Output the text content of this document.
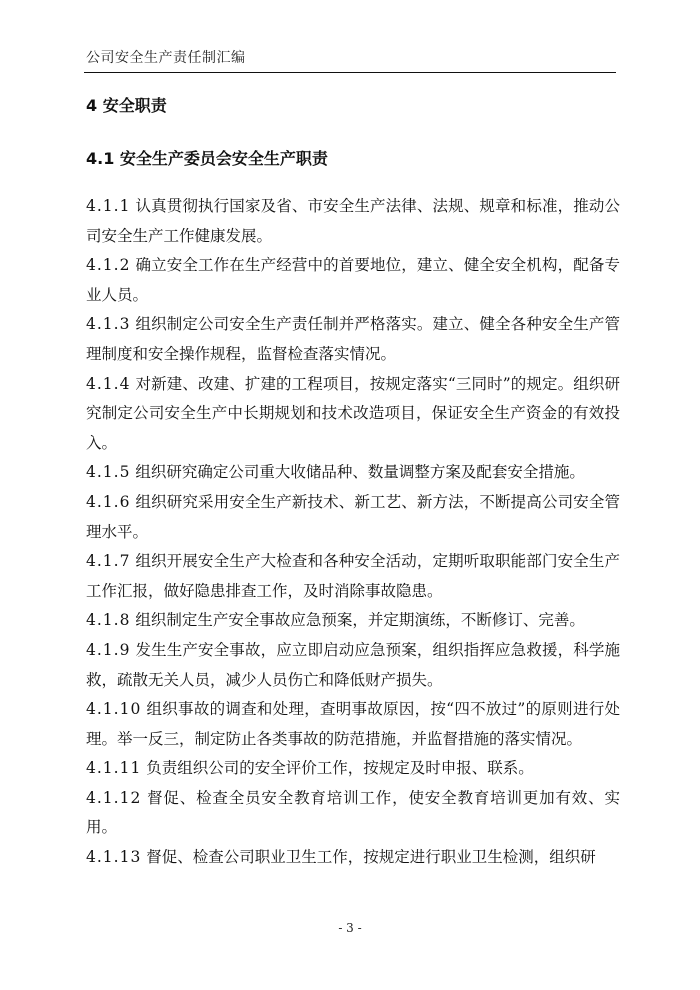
公司安全生产责任制汇编
4 安全职责
4.1 安全生产委员会安全生产职责

4.1.1 认真贯彻执行国家及省、市安全生产法律、法规、规章和标准，推动公司安全生产工作健康发展。

4.1.2 确立安全工作在生产经营中的首要地位，建立、健全安全机构，配备专业人员。

4.1.3 组织制定公司安全生产责任制并严格落实。建立、健全各种安全生产管理制度和安全操作规程，监督检查落实情况。

4.1.4 对新建、改建、扩建的工程项目，按规定落实“三同时”的规定。组织研究制定公司安全生产中长期规划和技术改造项目，保证安全生产资金的有效投入。

4.1.5 组织研究确定公司重大收储品种、数量调整方案及配套安全措施。

4.1.6 组织研究采用安全生产新技术、新工艺、新方法，不断提高公司安全管理水平。

4.1.7 组织开展安全生产大检查和各种安全活动，定期听取职能部门安全生产工作汇报，做好隐患排查工作，及时消除事故隐患。

4.1.8 组织制定生产安全事故应急预案，并定期演练，不断修订、完善。

4.1.9 发生生产安全事故，应立即启动应急预案，组织指挥应急救援，科学施救，疏散无关人员，减少人员伤亡和降低财产损失。

4.1.10 组织事故的调查和处理，查明事故原因，按“四不放过”的原则进行处理。举一反三，制定防止各类事故的防范措施，并监督措施的落实情况。

4.1.11 负责组织公司的安全评价工作，按规定及时申报、联系。

4.1.12 督促、检查全员安全教育培训工作，使安全教育培训更加有效、实用。

4.1.13 督促、检查公司职业卫生工作，按规定进行职业卫生检测，组织研

- 3 -
